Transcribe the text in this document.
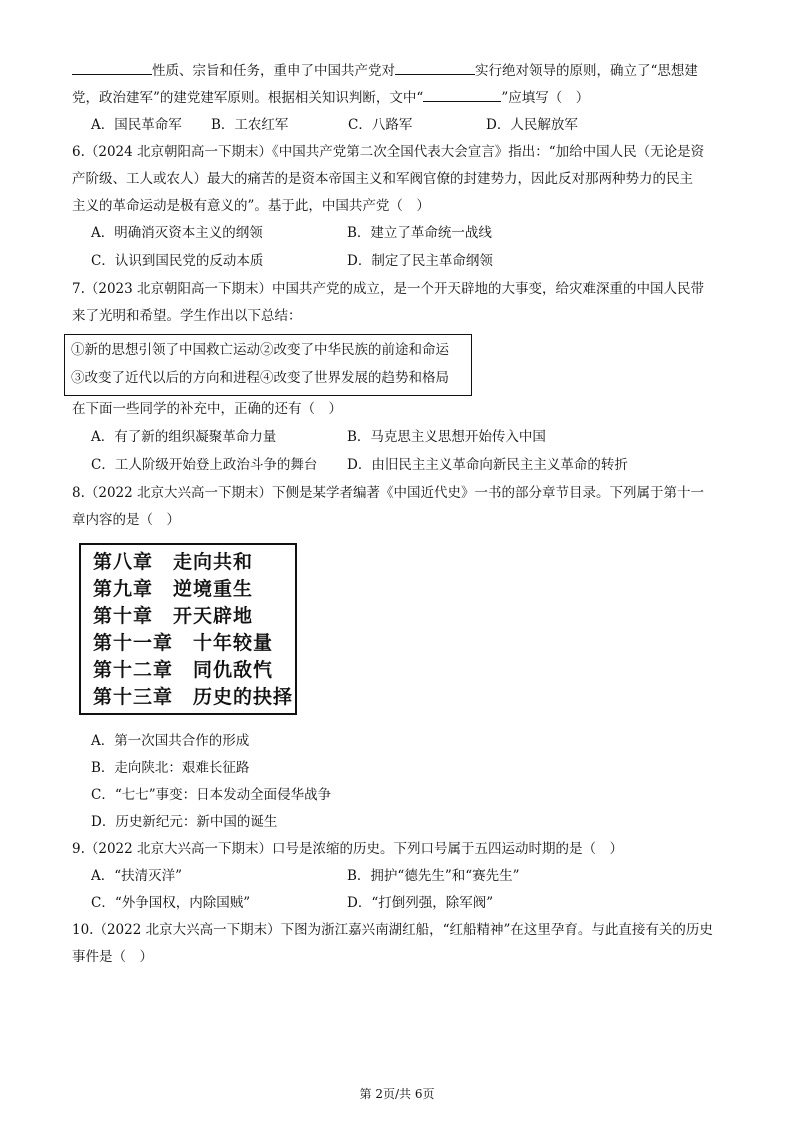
性质、宗旨和任务，重申了中国共产党对	实行绝对领导的原则，确立了“思想建
党，政治建军”的建党建军原则。根据相关知识判断，文中“	”应填写（　）
A．国民革命军 B．工农红军	C．八路军	D．人民解放军
6.（2024 北京朝阳高一下期末）《中国共产党第二次全国代表大会宣言》指出：“加给中国人民（无论是资
产阶级、工人或农人）最大的痛苦的是资本帝国主义和军阀官僚的封建势力，因此反对那两种势力的民主
主义的革命运动是极有意义的”。基于此，中国共产党（　）
A．明确消灭资本主义的纲领	B．建立了革命统一战线
C．认识到国民党的反动本质	D．制定了民主革命纲领
7.（2023 北京朝阳高一下期末）中国共产党的成立，是一个开天辟地的大事变，给灾难深重的中国人民带
来了光明和希望。学生作出以下总结：
①新的思想引领了中国救亡运动②改变了中华民族的前途和命运
③改变了近代以后的方向和进程④改变了世界发展的趋势和格局
在下面一些同学的补充中，正确的还有（　）
A．有了新的组织凝聚革命力量	B．马克思主义思想开始传入中国
C．工人阶级开始登上政治斗争的舞台 D．由旧民主主义革命向新民主主义革命的转折
8.（2022 北京大兴高一下期末）下侧是某学者编著《中国近代史》一书的部分章节目录。下列属于第十一
章内容的是（　）
第八章　走向共和
第九章　逆境重生
第十章　开天辟地
第十一章　十年较量
第十二章　同仇敌忾
第十三章　历史的抉择
A．第一次国共合作的形成
B．走向陕北：艰难长征路
C．“七七”事变：日本发动全面侵华战争
D．历史新纪元：新中国的诞生
9.（2022 北京大兴高一下期末）口号是浓缩的历史。下列口号属于五四运动时期的是（　）
A．“扶清灭洋”	B．拥护“德先生”和“赛先生”
C．“外争国权，内除国贼”	D．“打倒列强，除军阀”
10.（2022 北京大兴高一下期末）下图为浙江嘉兴南湖红船，“红船精神”在这里孕育。与此直接有关的历史
事件是（　）
第 2页/共 6页
